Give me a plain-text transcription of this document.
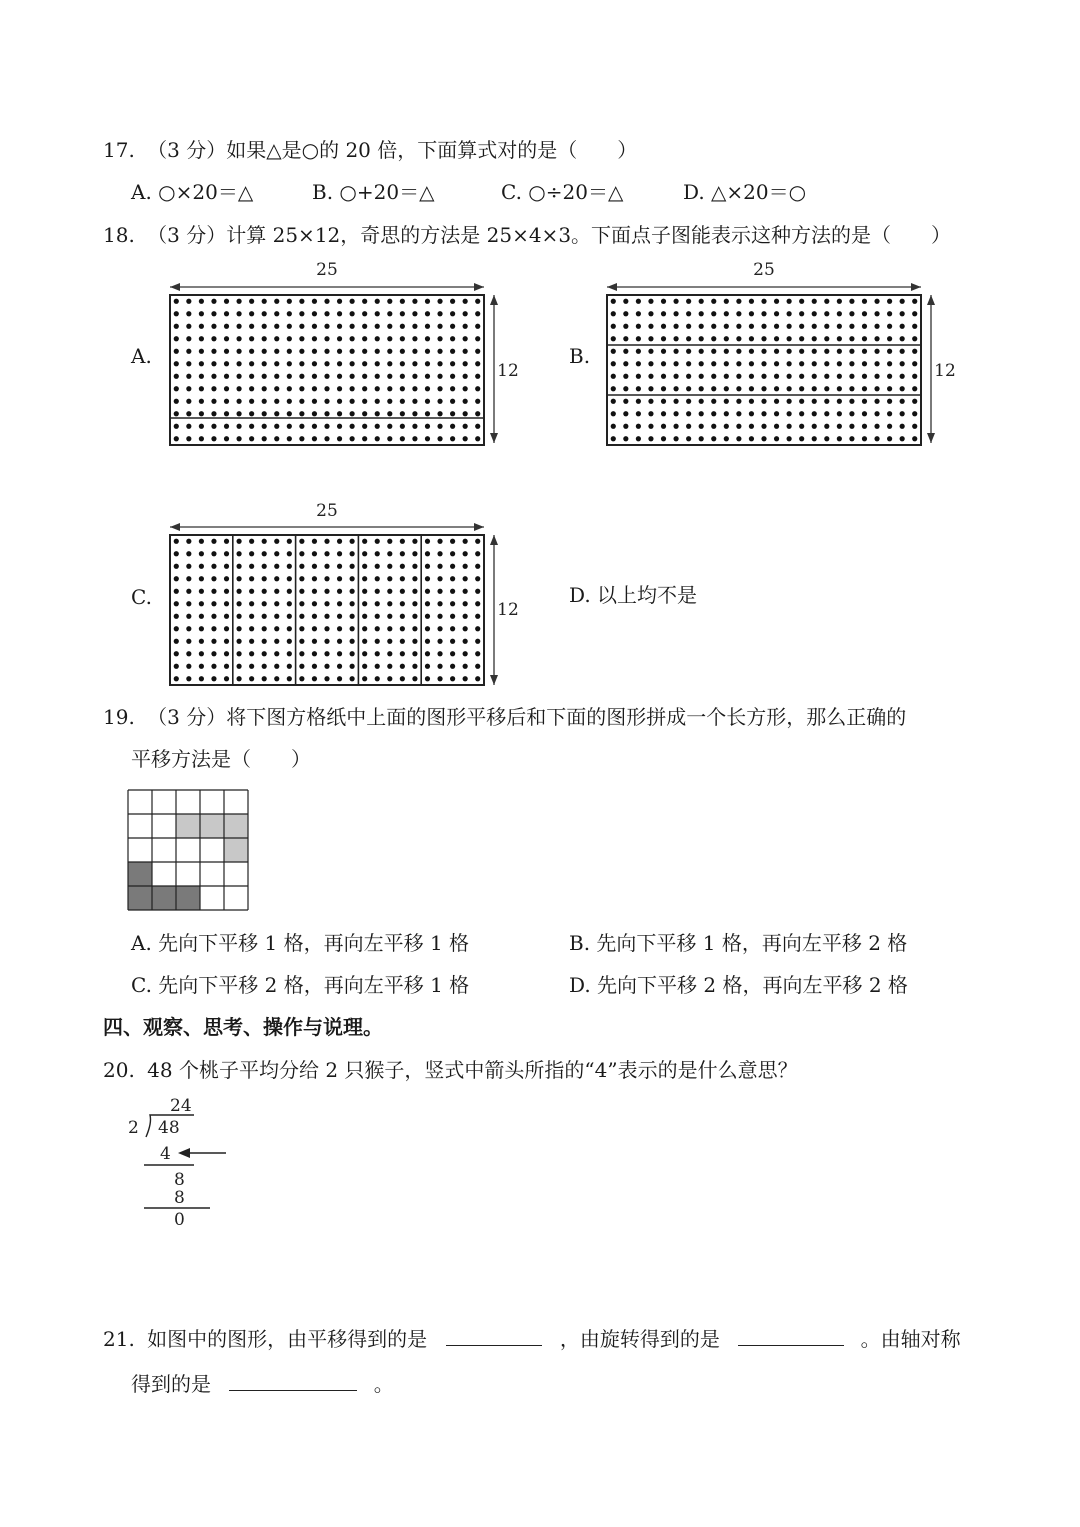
17. （3 分）如果△是○的 20 倍，下面算式对的是（　　）
A. ○×20＝△	B. ○+20＝△	C. ○÷20＝△	D. △×20＝○
18. （3 分）计算 25×12，奇思的方法是 25×4×3。下面点子图能表示这种方法的是（　　）
A.	B.
C.	D. 以上均不是
25
12
25
12
25
12
19. （3 分）将下图方格纸中上面的图形平移后和下面的图形拼成一个长方形，那么正确的
平移方法是（　　）
A. 先向下平移 1 格，再向左平移 1 格	B. 先向下平移 1 格，再向左平移 2 格
C. 先向下平移 2 格，再向左平移 1 格	D. 先向下平移 2 格，再向左平移 2 格
四、观察、思考、操作与说理。
20. 48 个桃子平均分给 2 只猴子，竖式中箭头所指的“4”表示的是什么意思？
24
2 48
4
8
8
0
21. 如图中的图形，由平移得到的是	，由旋转得到的是	。由轴对称
得到的是	。
